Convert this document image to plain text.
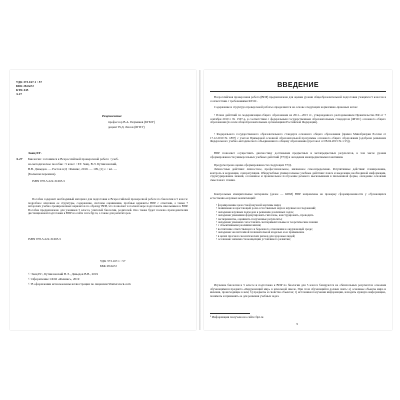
УДК 373.167.1 : 57
ББК 28.0я72
КТК 445
З-27
Рецензенты:
профессор В.А. Пермяков (БГМУ)
доцент Н.Д. Лисов (БГПУ)
Заяц Р.Г.
З-27 Биология : готовимся к Всероссийской проверочной работе : учеб-
но-методическое пособие : 5 класс / Р.Г. Заяц, В.Э. Бутвиловский,
В.В. Давыдов. — Ростов н/Д : Феникс, 2019. — 109, [1] с. : ил. —
(Большая перемена).
ISBN 978-5-222-31695-5
Пособие содержит необходимый материал для подготовки к Всероссийской проверочной работе по биологии в 5 классе: подробное описание ее структуры, содержание, системы оценивания, пробные варианты ВПР с ответами, а также 7 авторских учебно-тренировочных вариантов по образцу ВПР, что позволяет в полной мере подготовить школьников к ВПР. Пособие предназначено для учеников 5 класса, учителей биологии, родителей. Оно также будет полезно преподавателям дистанционной подготовки к ВПР на сайте www.fgr.ru, а также для репетиторов.
ISBN 978-5-222-31695-5
УДК 373.167.1 : 57
ББК 28.0я72
© Заяц Р.Г., Бутвиловский В.Э., Давыдов В.В., 2019
© Оформление: ООО «Феникс», 2019
© В оформлении использованы иллюстрации по лицензии Shutterstock.com
ВВЕДЕНИЕ
Всероссийская проверочная работа (ВПР) предназначена для оценки уровня общеобразовательной подготовки учащихся 5 классов в соответствии с требованиями ФГОС.
Содержание и структура проверочной работы определяются на основе следующих нормативно-правовых актов:
• Плана действий по модернизации общего образования на 2011—2015 гг., утвержденного распоряжением Правительства РФ от 7 сентября 2010 г. № 1507-р, в соответствии с федеральным государственным образовательным стандартом (ФГОС) основного общего образования (по всем общеобразовательным организациям Российской Федерации).
• Федерального государственного образовательного стандарта основного общего образования (приказ Минобрнауки России от 17.12.2010 № 1897) с учетом Примерной основной образовательной программы основного общего образования (одобрена решением Федерального учебно-методического объединения по общему образованию (протокол от 08.04.2015 № 1/15)).
ВПР позволяет осуществить диагностику достижения предметных и метапредметных результатов, в том числе уровня сформированности универсальных учебных действий (УУД) и овладения межпредметными понятиями.
Предусмотрена оценка сформированности следующих УУД.
Личностные действия: личностное, профессиональное, жизненное самоопределение. Регулятивные действия: планирование, контроль и коррекция, саморегуляция. Общеучебные универсальные учебные действия: поиск и выделение необходимой информации, структурирование знаний, осознанное и произвольное построение речевого высказывания в письменной форме, овладение основами смыслового чтения.
Контрольные измерительные материалы (далее — КИМ) ВПР направлены на проверку сформированности у обучающихся естественно-научных компетенций:
• формирование целостной научной картины мира;
• понимание возрастающей роли естественных наук и научных исследований;
• овладение научным подходом к решению различных задач;
• овладение умениями формулировать гипотезы, конструировать, проводить
• эксперименты, оценивать полученные результаты;
• овладение умением сопоставлять экспериментальные и теоретические знания
• с объективными реалиями жизни;
• воспитание ответственного и бережного отношения к окружающей среде;
• овладение экосистемной познавательной моделью и ее применение
• в целях прогноза экологических рисков для здоровья людей;
• осознание значимости концепции устойчивого развития;
Изучение биологии в 5 классе и подготовка к ВПР по биологии для 5 класса базируются на обязательных результатах освоения обучающимися предмета «Окружающий мир» в начальной школе. При этом обучающийся должен знать: а) основные объекты мира и явления, происходящие в нем; б) предметы и свойства объектов; г) источники получения информации, находить нужную информацию, понимать и применять ее для решения учебных задач.
¹ Информация получена на сайте fipi.ru
3
